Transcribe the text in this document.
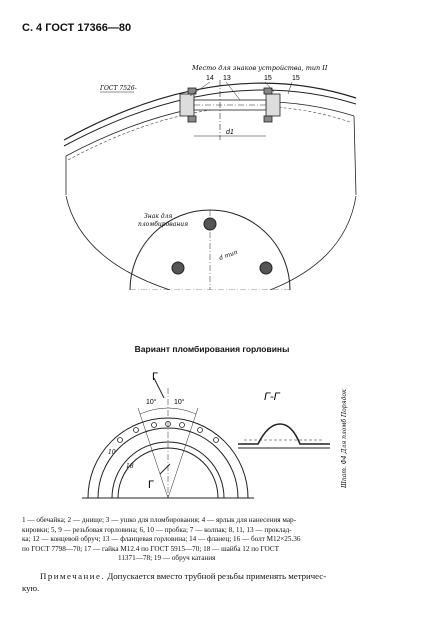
С. 4 ГОСТ 17366—80
Место для знаков устройства, тип II
14 13	15	15
ГОСТ 7526-
d1
Знак для
пломбирования
d тип
Вариант пломбирования горловины
10° 10°
Г
Г
10
18
Г-Г	Шпат. Ф4 Для пломб Порядок
1 — обечайка; 2 — днище; 3 — ушко для пломбирования; 4 — ярлык для нанесения мар-
кировки; 5, 9 — резьбовая горловина; 6, 10 — пробка; 7 — колпак; 8, 11, 13 — проклад-
ка; 12 — концевой обруч; 13 — фланцевая горловина; 14 — фланец; 16 — болт М12×25.36
по ГОСТ 7798—70; 17 — гайка М12.4 по ГОСТ 5915—70; 18 — шайба 12 по ГОСТ
11371—78; 19 — обруч катания
Примечание. Допускается вместо трубной резьбы применять метричес-
кую.
